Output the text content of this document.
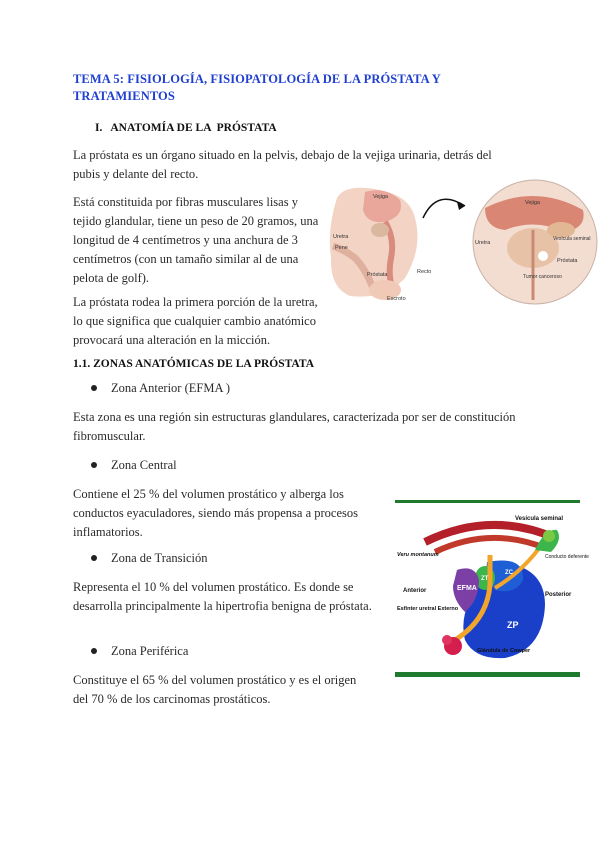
TEMA 5: FISIOLOGÍA, FISIOPATOLOGÍA DE LA PRÓSTATA Y TRATAMIENTOS
I.   ANATOMÍA DE LA  PRÓSTATA
La próstata es un órgano situado en la pelvis, debajo de la vejiga urinaria, detrás del pubis y delante del recto.
Está constituida por fibras musculares lisas y tejido glandular, tiene un peso de 20 gramos, una longitud de 4 centímetros y una anchura de 3 centímetros (con un tamaño similar al de una pelota de golf).
La próstata rodea la primera porción de la uretra, lo que significa que cualquier cambio anatómico provocará una alteración en la micción.
Vejiga
Uretra
Pene
Próstata	Recto
Escroto
Vejiga
Uretra
Vesícula seminal
Próstata
Tumor canceroso
1.1. ZONAS ANATÓMICAS DE LA PRÓSTATA
Zona Anterior (EFMA )
Esta zona es una región sin estructuras glandulares, caracterizada por ser de constitución fibromuscular.
Zona Central
Contiene el 25 % del volumen prostático y alberga los conductos eyaculadores, siendo más propensa a procesos inflamatorios.
Zona de Transición
Representa el 10 % del volumen prostático. Es donde se desarrolla principalmente la hipertrofia benigna de próstata.
Zona Periférica
Constituye el 65 % del volumen prostático y es el origen del 70 % de los carcinomas prostáticos.
EFMA
ZT
ZC
ZP
Vesícula seminal
Veru montanum	Conducto deferente
Anterior
Posterior
Esfínter uretral Externo
Glándula de Cowper
